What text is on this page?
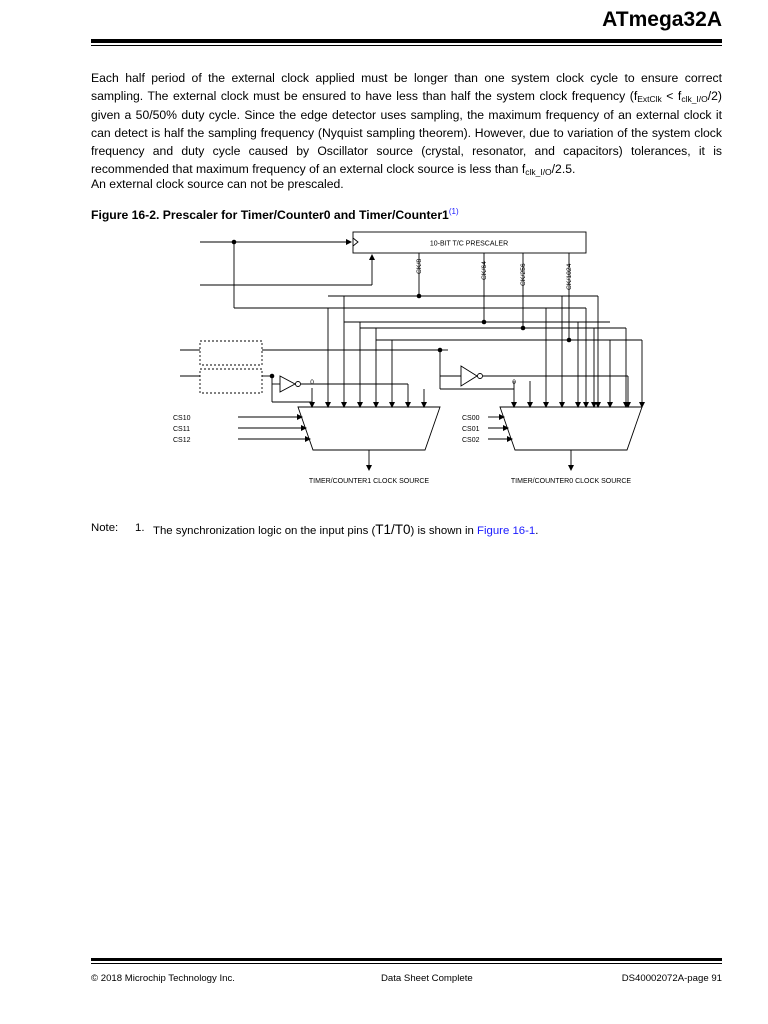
ATmega32A

Each half period of the external clock applied must be longer than one system clock cycle to ensure correct sampling. The external clock must be ensured to have less than half the system clock frequency $(f_{ExtClk} < f_{clk\_I/O}/2)$ given a 50/50% duty cycle. Since the edge detector uses sampling, the maximum frequency of an external clock it can detect is half the sampling frequency (Nyquist sampling theorem). However, due to variation of the system clock frequency and duty cycle caused by Oscillator source (crystal, resonator, and capacitors) tolerances, it is recommended that maximum frequency of an external clock source is less than $f_{clk\_I/O}/2.5$.

An external clock source can not be prescaled.

Figure 16-2. Prescaler for Timer/Counter0 and Timer/Counter1$^{(1)}$

10-BIT T/C PRESCALER
CK/8	CK/64	CK/256	CK/1024
0	0
CS10
CS11
CS12
CS00
CS01
CS02
TIMER/COUNTER1 CLOCK SOURCE	TIMER/COUNTER0 CLOCK SOURCE
Note: 1. The synchronization logic on the input pins (T1/T0) is shown in Figure 16-1.
© 2018 Microchip Technology Inc.	Data Sheet Complete	DS40002072A-page 91
